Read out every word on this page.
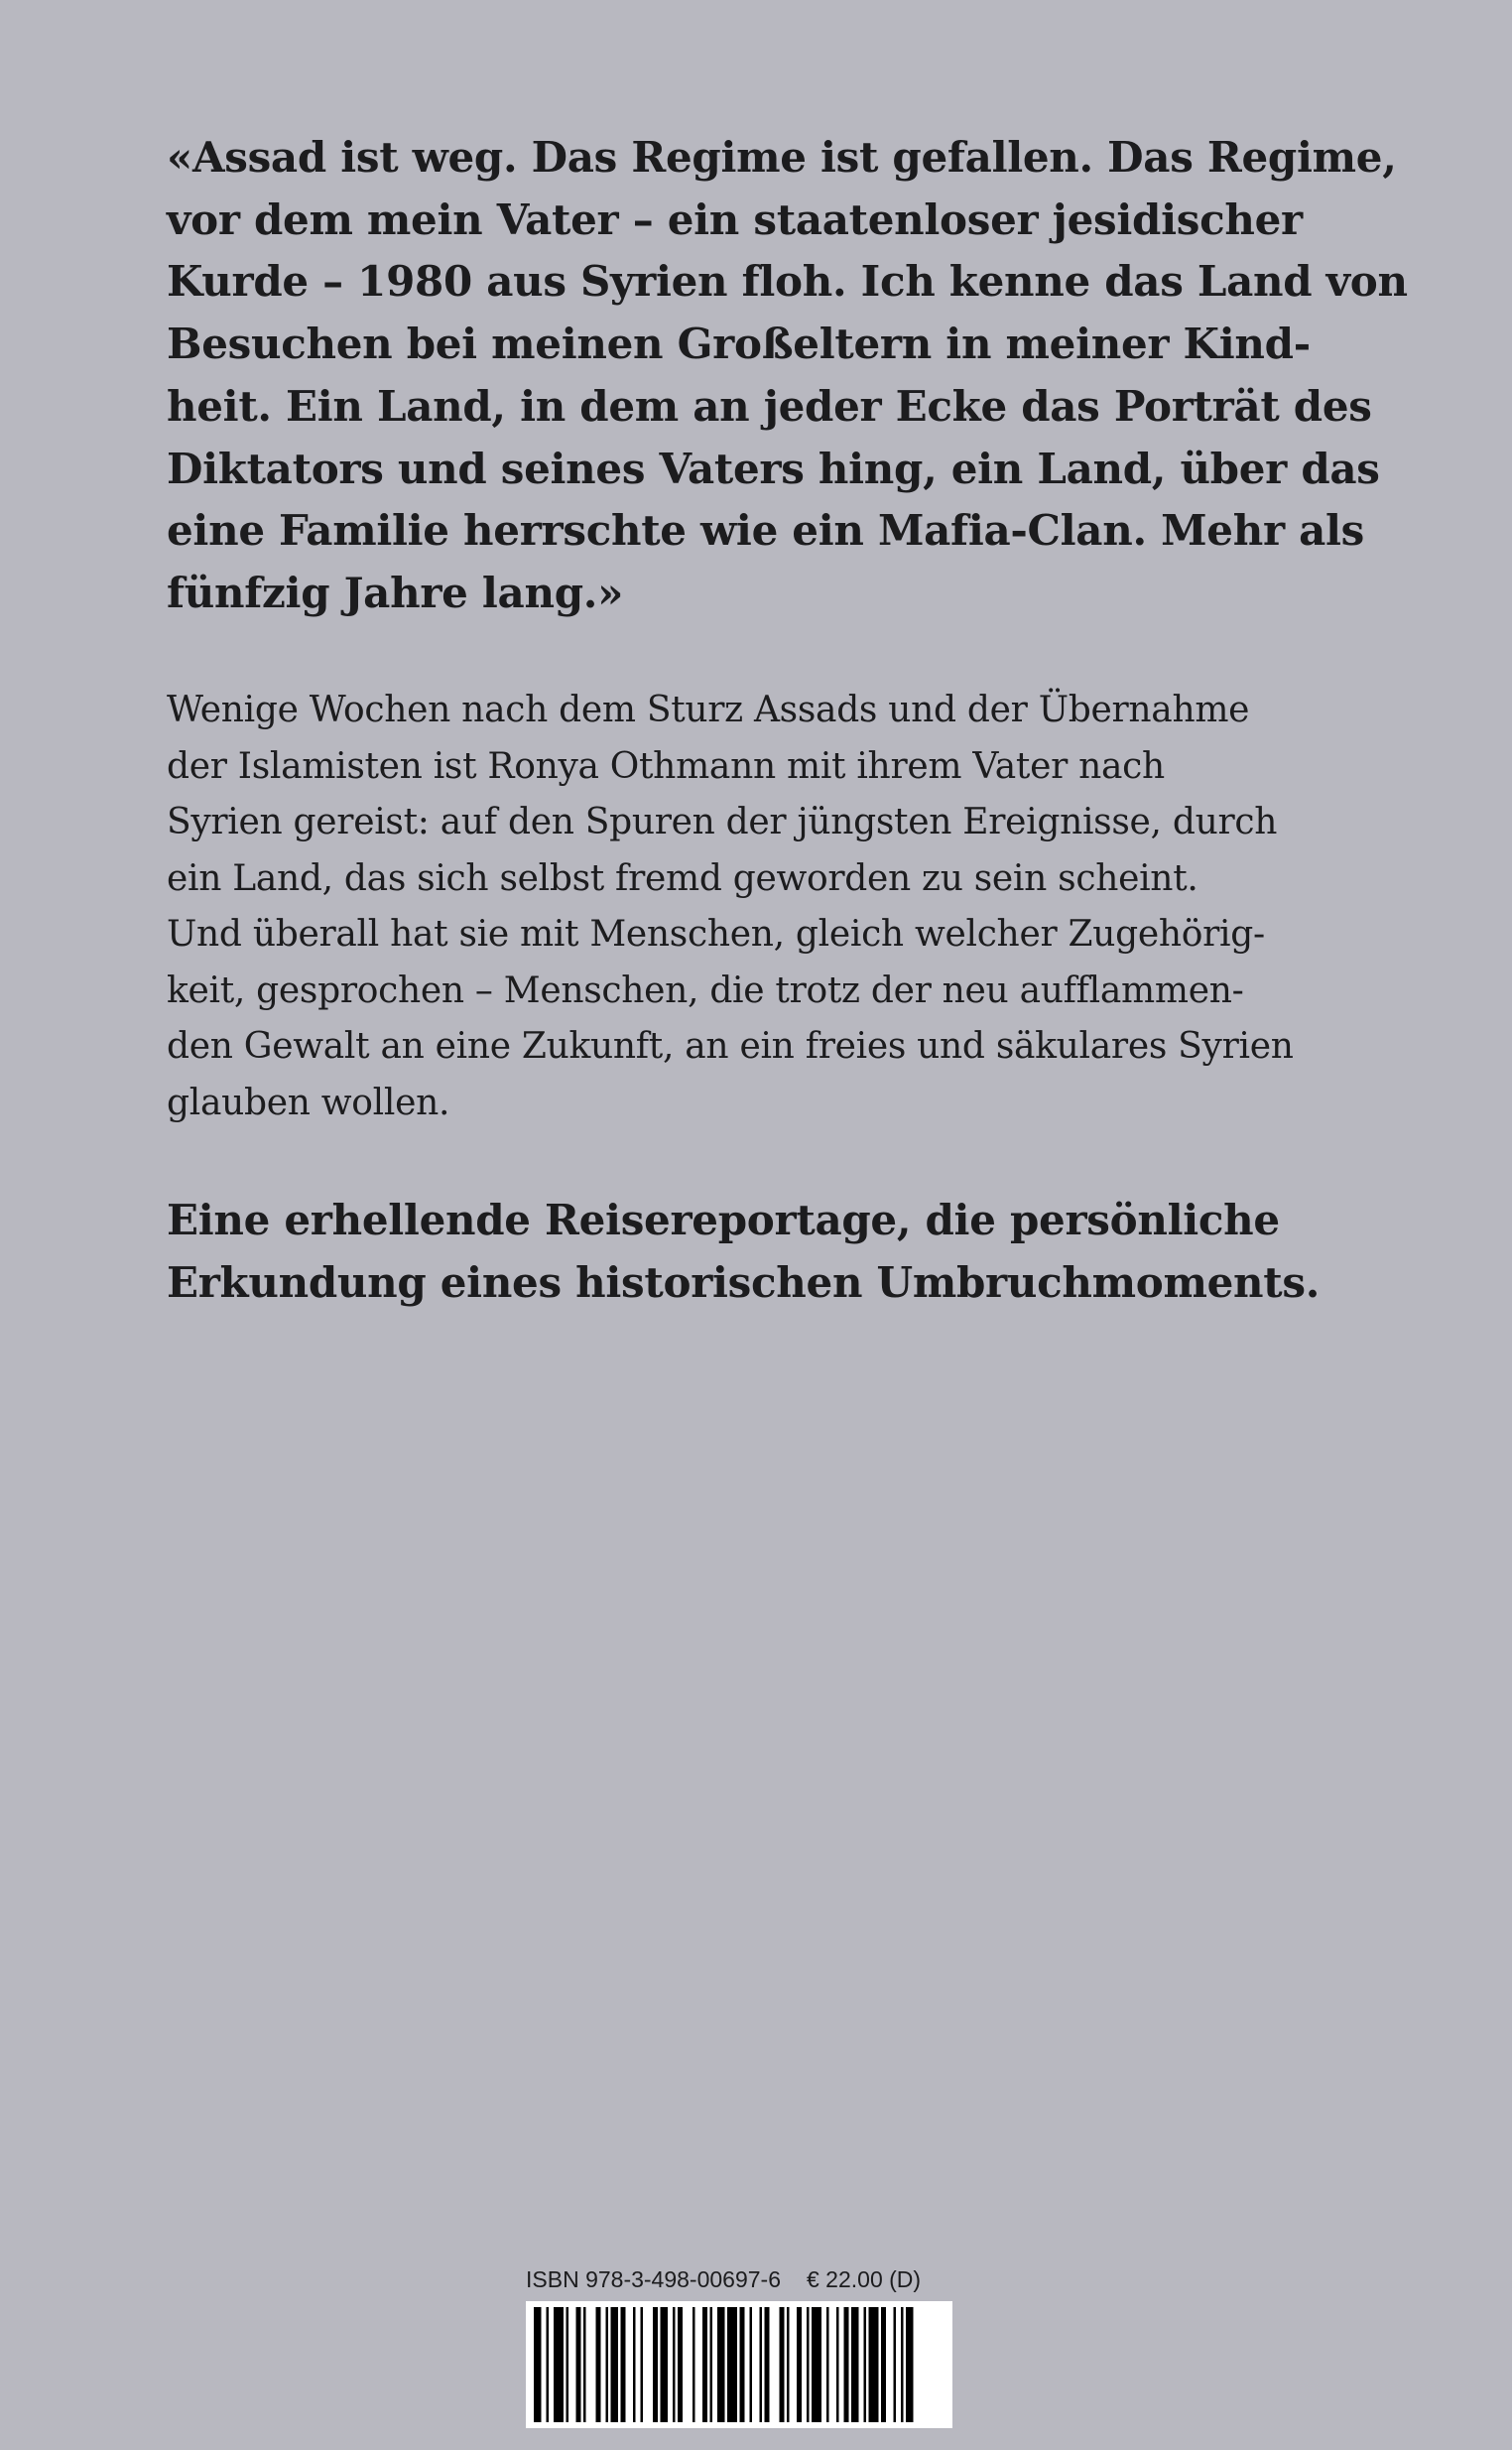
«Assad ist weg. Das Regime ist gefallen. Das Regime,
vor dem mein Vater – ein staatenloser jesidischer
Kurde – 1980 aus Syrien floh. Ich kenne das Land von
Besuchen bei meinen Großeltern in meiner Kind-
heit. Ein Land, in dem an jeder Ecke das Porträt des
Diktators und seines Vaters hing, ein Land, über das
eine Familie herrschte wie ein Mafia-Clan. Mehr als
fünfzig Jahre lang.»

Wenige Wochen nach dem Sturz Assads und der Übernahme
der Islamisten ist Ronya Othmann mit ihrem Vater nach
Syrien gereist: auf den Spuren der jüngsten Ereignisse, durch
ein Land, das sich selbst fremd geworden zu sein scheint.
Und überall hat sie mit Menschen, gleich welcher Zugehörig-
keit, gesprochen – Menschen, die trotz der neu aufflammen-
den Gewalt an eine Zukunft, an ein freies und säkulares Syrien
glauben wollen.

Eine erhellende Reisereportage, die persönliche
Erkundung eines historischen Umbruchmoments.

ISBN 978-3-498-00697-6 € 22.00 (D)
